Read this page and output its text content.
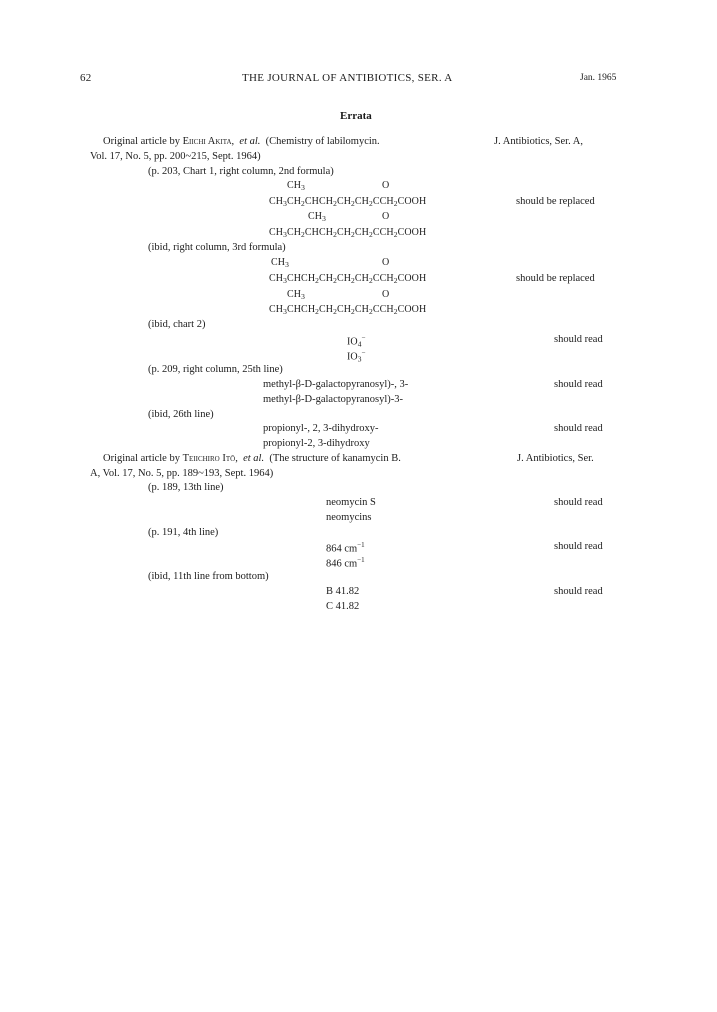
62	THE JOURNAL OF ANTIBIOTICS, SER. A	Jan. 1965
Errata
Original article by Eiichi Akita, et al. (Chemistry of labilomycin.	J. Antibiotics, Ser. A,
Vol. 17, No. 5, pp. 200~215, Sept. 1964)
(p. 203, Chart 1, right column, 2nd formula)
$CH_3$	O
$CH_3CH_2CHCH_2CH_2CH_2CCH_2COOH$
$CH_3$	O
$CH_3CH_2CHCH_2CH_2CH_2CCH_2COOH$
should be replaced
(ibid, right column, 3rd formula)
$CH_3$	O
$CH_3CHCH_2CH_2CH_2CH_2CCH_2COOH$
$CH_3$	O
$CH_3CHCH_2CH_2CH_2CH_2CCH_2COOH$
should be replaced
(ibid, chart 2)
$IO_4^-$
$IO_3^-$
should read
(p. 209, right column, 25th line)
methyl-β-D-galactopyranosyl)-, 3-
methyl-β-D-galactopyranosyl)-3-
should read
(ibid, 26th line)
propionyl-, 2, 3-dihydroxy-
propionyl-2, 3-dihydroxy
should read
Original article by Teiichiro Itō, et al. (The structure of kanamycin B.	J. Antibiotics, Ser.
A, Vol. 17, No. 5, pp. 189~193, Sept. 1964)
(p. 189, 13th line)
neomycin S
neomycins
should read
(p. 191, 4th line)
864 $cm^{-1}$
846 $cm^{-1}$
should read
(ibid, 11th line from bottom)
B 41.82
C 41.82
should read
